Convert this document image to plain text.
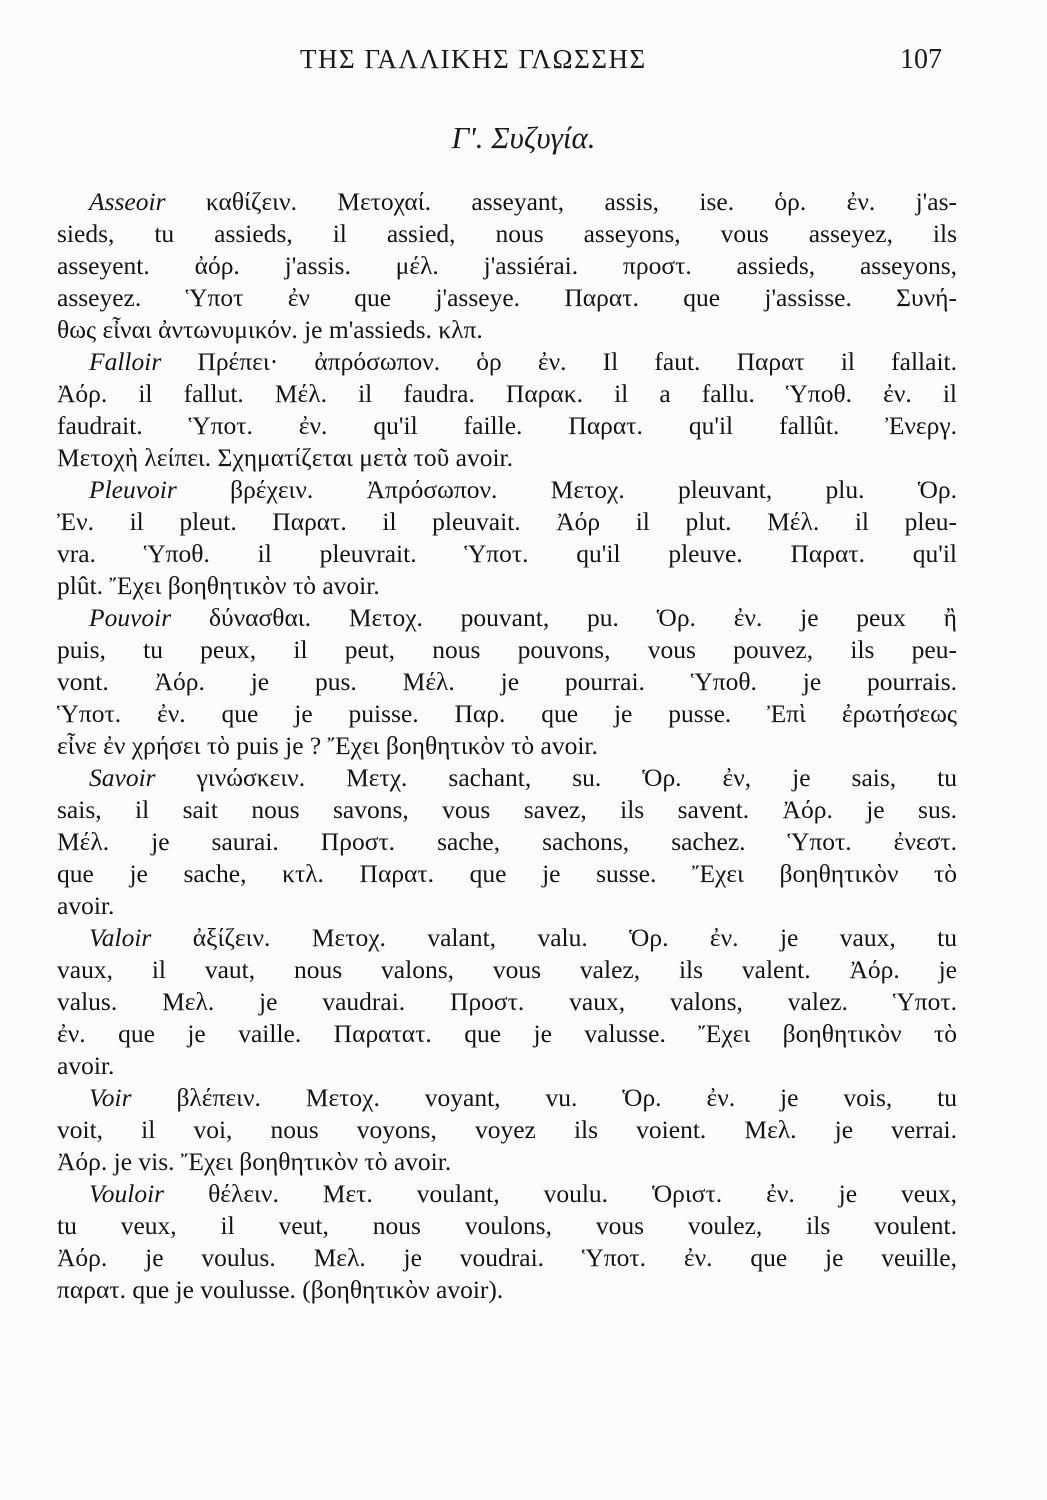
ΤΗΣ ΓΑΛΛΙΚΗΣ ΓΛΩΣΣΗΣ	107
Γ'. Συζυγία.
Asseoir καθίζειν. Μετοχαί. asseyant, assis, ise. ὁρ. ἐν. j'as-
sieds, tu assieds, il assied, nous asseyons, vous asseyez, ils
asseyent. ἀόρ. j'assis. μέλ. j'assiérai. προστ. assieds, asseyons,
asseyez. Ὑποτ ἐν que j'asseye. Παρατ. que j'assisse. Συνή-
θως εἶναι ἀντωνυμικόν. je m'assieds. κλπ.
Falloir Πρέπει· ἀπρόσωπον. ὁρ ἐν. Il faut. Παρατ il fallait.
Ἀόρ. il fallut. Μέλ. il faudra. Παρακ. il a fallu. Ὑποθ. ἐν. il
faudrait. Ὑποτ. ἐν. qu'il faille. Παρατ. qu'il fallût. Ἐνεργ.
Μετοχὴ λείπει. Σχηματίζεται μετὰ τοῦ avoir.
Pleuvoir βρέχειν. Ἀπρόσωπον. Μετοχ. pleuvant, plu. Ὁρ.
Ἐν. il pleut. Παρατ. il pleuvait. Ἀόρ il plut. Μέλ. il pleu-
vra. Ὑποθ. il pleuvrait. Ὑποτ. qu'il pleuve. Παρατ. qu'il
plût. Ἔχει βοηθητικὸν τὸ avoir.
Pouvoir δύνασθαι. Μετοχ. pouvant, pu. Ὁρ. ἐν. je peux ἢ
puis, tu peux, il peut, nous pouvons, vous pouvez, ils peu-
vont. Ἀόρ. je pus. Μέλ. je pourrai. Ὑποθ. je pourrais.
Ὑποτ. ἐν. que je puisse. Παρ. que je pusse. Ἐπὶ ἐρωτήσεως
εἶνε ἐν χρήσει τὸ puis je ? Ἔχει βοηθητικὸν τὸ avoir.
Savoir γινώσκειν. Μετχ. sachant, su. Ὁρ. ἐν, je sais, tu
sais, il sait nous savons, vous savez, ils savent. Ἀόρ. je sus.
Μέλ. je saurai. Προστ. sache, sachons, sachez. Ὑποτ. ἐνεστ.
que je sache, κτλ. Παρατ. que je susse. Ἔχει βοηθητικὸν τὸ
avoir.
Valoir ἀξίζειν. Μετοχ. valant, valu. Ὁρ. ἐν. je vaux, tu
vaux, il vaut, nous valons, vous valez, ils valent. Ἀόρ. je
valus. Μελ. je vaudrai. Προστ. vaux, valons, valez. Ὑποτ.
ἐν. que je vaille. Παρατατ. que je valusse. Ἔχει βοηθητικὸν τὸ
avoir.
Voir βλέπειν. Μετοχ. voyant, vu. Ὁρ. ἐν. je vois, tu
voit, il voi, nous voyons, voyez ils voient. Μελ. je verrai.
Ἀόρ. je vis. Ἔχει βοηθητικὸν τὸ avoir.
Vouloir θέλειν. Μετ. voulant, voulu. Ὁριστ. ἐν. je veux,
tu veux, il veut, nous voulons, vous voulez, ils voulent.
Ἀόρ. je voulus. Μελ. je voudrai. Ὑποτ. ἐν. que je veuille,
παρατ. que je voulusse. (βοηθητικὸν avoir).
